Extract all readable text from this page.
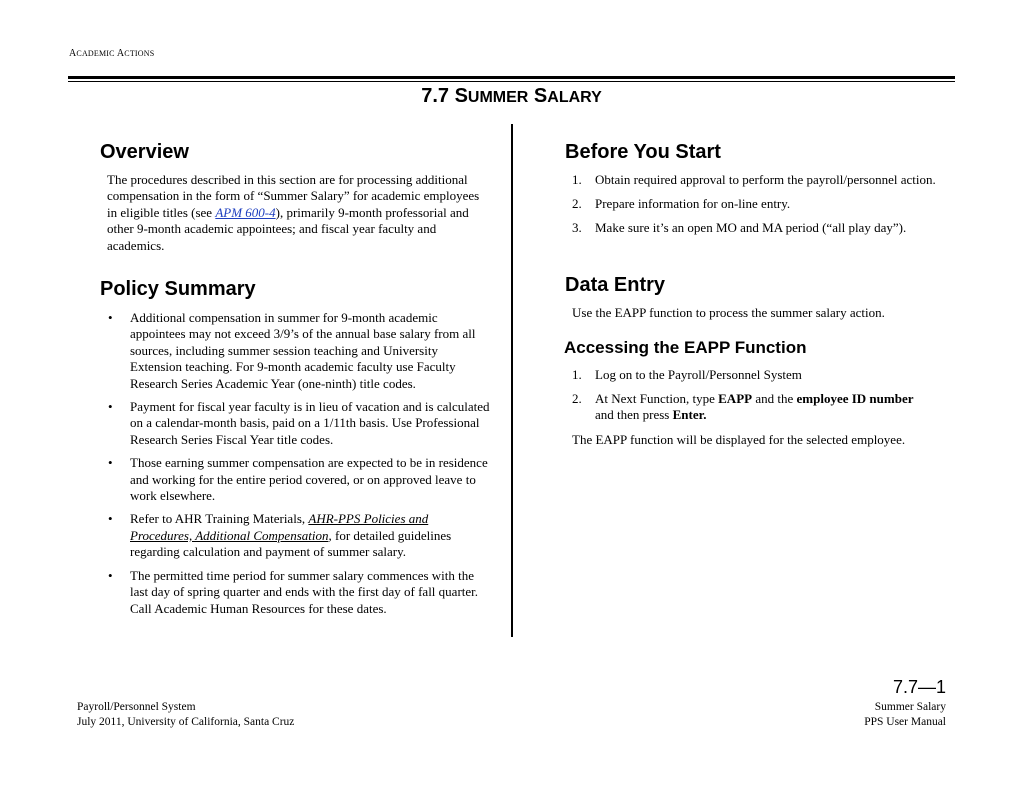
ACADEMIC ACTIONS
7.7 SUMMER SALARY
Overview

The procedures described in this section are for processing additional compensation in the form of “Summer Salary” for academic employees in eligible titles (see APM 600-4), primarily 9-month professorial and other 9-month academic appointees; and fiscal year faculty and academics.

Policy Summary
• Additional compensation in summer for 9-month academic appointees may not exceed 3/9’s of the annual base salary from all sources, including summer session teaching and University Extension teaching. For 9-month academic faculty use Faculty Research Series Academic Year (one-ninth) title codes.
• Payment for fiscal year faculty is in lieu of vacation and is calculated on a calendar-month basis, paid on a 1/11th basis. Use Professional Research Series Fiscal Year title codes.
• Those earning summer compensation are expected to be in residence and working for the entire period covered, or on approved leave to work elsewhere.
• Refer to AHR Training Materials, AHR-PPS Policies and Procedures, Additional Compensation, for detailed guidelines regarding calculation and payment of summer salary.
• The permitted time period for summer salary commences with the last day of spring quarter and ends with the first day of fall quarter. Call Academic Human Resources for these dates.
Before You Start
1. Obtain required approval to perform the payroll/personnel action.
2. Prepare information for on-line entry.
3. Make sure it’s an open MO and MA period (“all play day”).
Data Entry

Use the EAPP function to process the summer salary action.

Accessing the EAPP Function
1. Log on to the Payroll/Personnel System
2. At Next Function, type EAPP and the employee ID number
and then press Enter.

The EAPP function will be displayed for the selected employee.

7.7—1
Payroll/Personnel System
July 2011, University of California, Santa Cruz
Summer Salary
PPS User Manual
